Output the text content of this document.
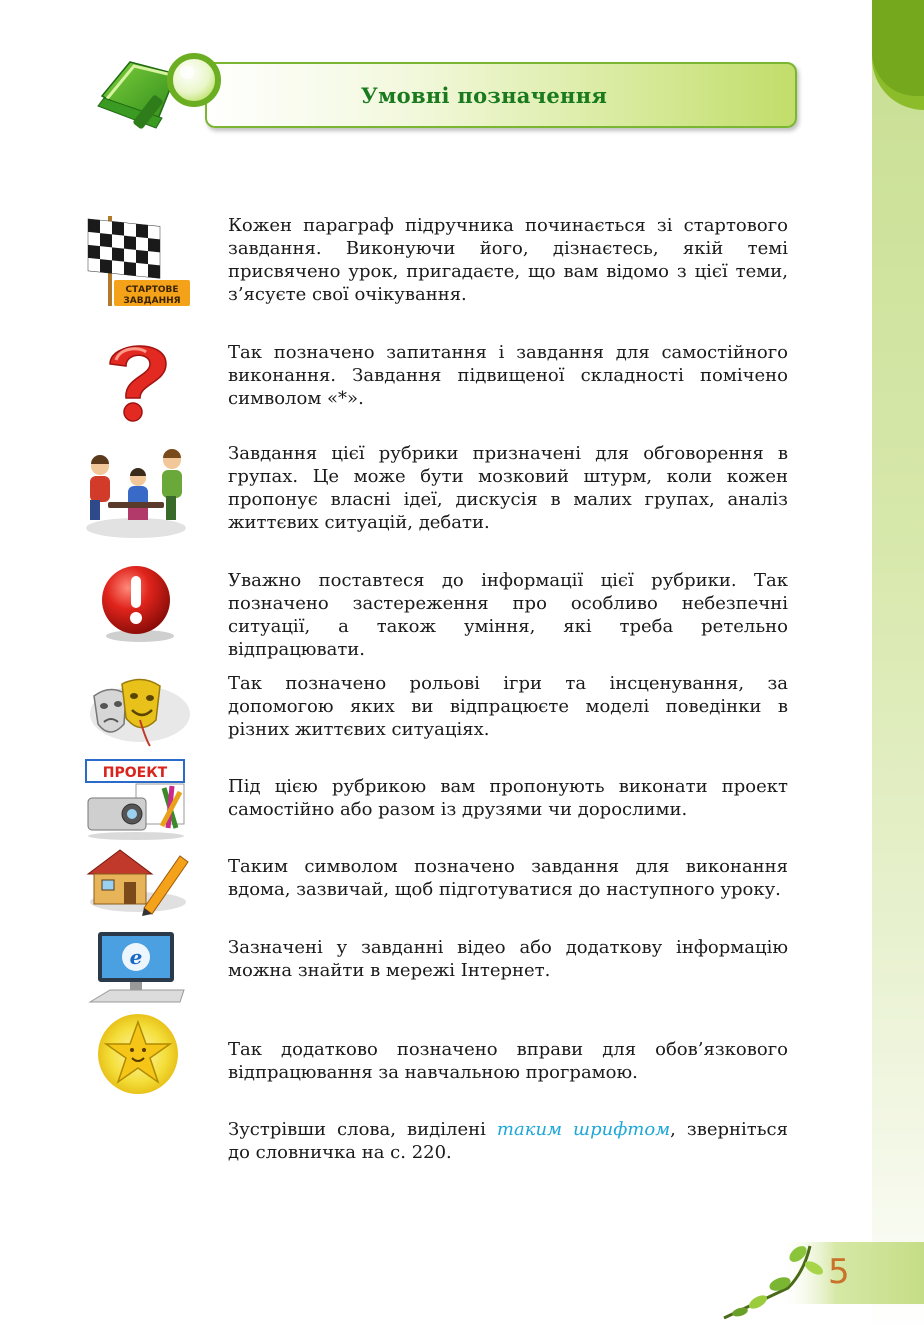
Умовні позначення
СТАРТОВЕ
ЗАВДАННЯ

Кожен параграф підручника починається зі стартового завдання. Виконуючи його, дізнаєтесь, якій темі присвячено урок, пригадаєте, що вам відомо з цієї теми, з’ясуєте свої очікування.

Так позначено запитання і завдання для самостійного виконання. Завдання підвищеної складності помічено символом «*».

Завдання цієї рубрики призначені для обговорення в групах. Це може бути мозковий штурм, коли кожен пропонує власні ідеї, дискусія в малих групах, аналіз життєвих ситуацій, дебати.

Уважно поставтеся до інформації цієї рубрики. Так позначено застереження про особливо небезпечні ситуації, а також уміння, які треба ретельно відпрацювати.

Так позначено рольові ігри та інсценування, за допомогою яких ви відпрацюєте моделі поведінки в різних життєвих ситуаціях.

ПРОЕКТ

Під цією рубрикою вам пропонують виконати проект самостійно або разом із друзями чи дорослими.

Таким символом позначено завдання для виконання вдома, зазвичай, щоб підготуватися до наступного уроку.

e	Зазначені у завданні відео або додаткову інформацію можна знайти в мережі Інтернет.

Так додатково позначено вправи для обов’язкового відпрацювання за навчальною програмою.

Зустрівши слова, виділені таким шрифтом, зверніться до словничка на с. 220.

5
